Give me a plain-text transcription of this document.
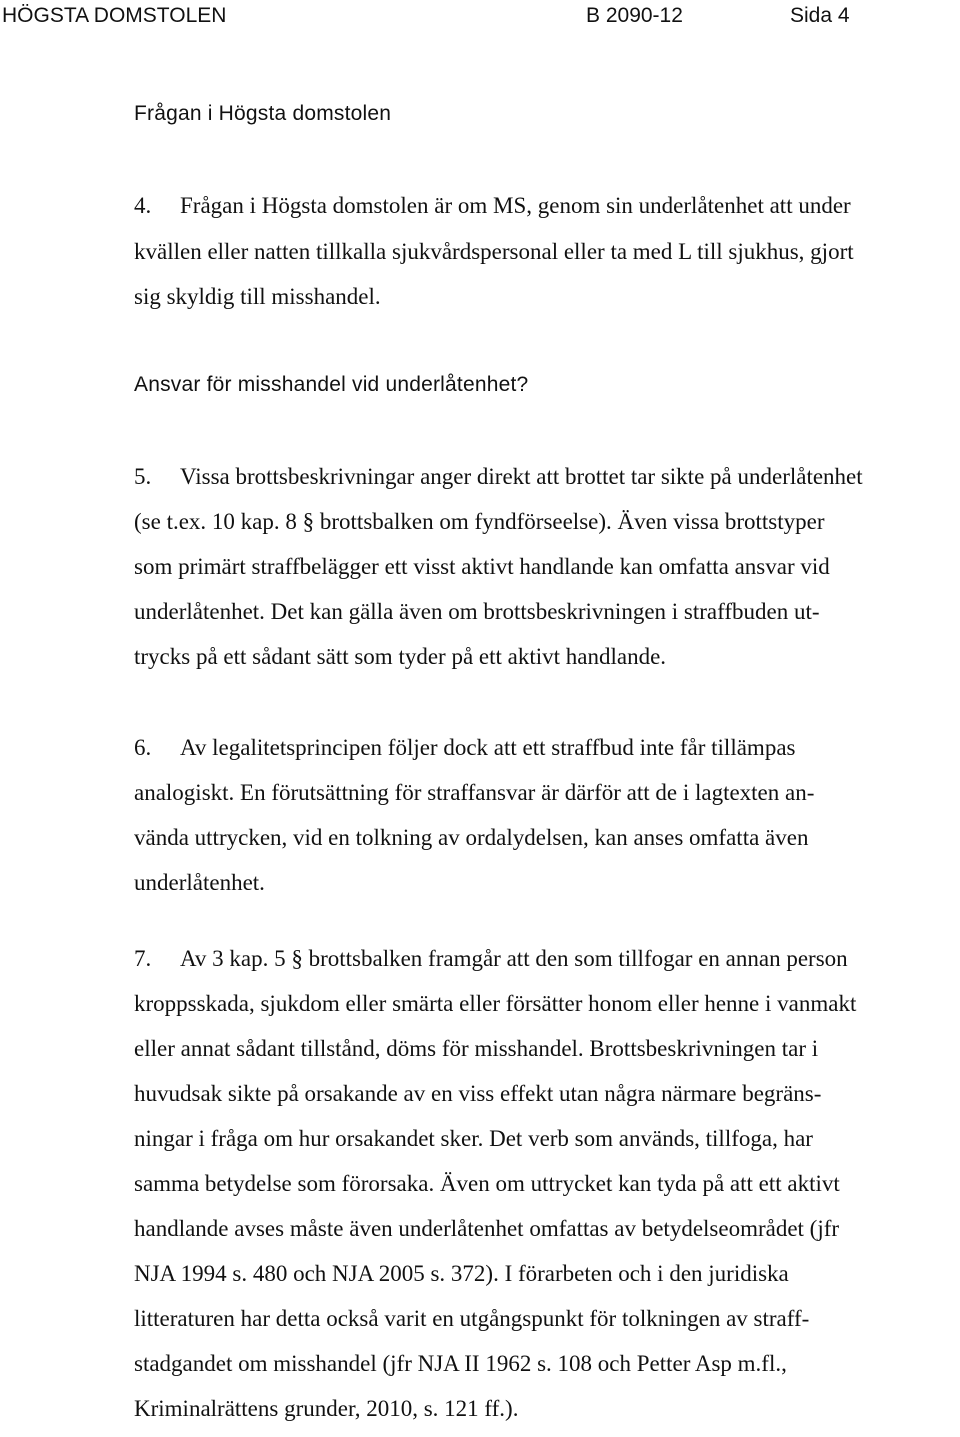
HÖGSTA DOMSTOLEN	B 2090-12	Sida 4
Frågan i Högsta domstolen
4. Frågan i Högsta domstolen är om MS, genom sin underlåtenhet att under
kvällen eller natten tillkalla sjukvårdspersonal eller ta med L till sjukhus, gjort
sig skyldig till misshandel.
Ansvar för misshandel vid underlåtenhet?
5. Vissa brottsbeskrivningar anger direkt att brottet tar sikte på underlåtenhet
(se t.ex. 10 kap. 8 § brottsbalken om fyndförseelse). Även vissa brottstyper
som primärt straffbelägger ett visst aktivt handlande kan omfatta ansvar vid
underlåtenhet. Det kan gälla även om brottsbeskrivningen i straffbuden ut-
trycks på ett sådant sätt som tyder på ett aktivt handlande.
6. Av legalitetsprincipen följer dock att ett straffbud inte får tillämpas
analogiskt. En förutsättning för straffansvar är därför att de i lagtexten an-
vända uttrycken, vid en tolkning av ordalydelsen, kan anses omfatta även
underlåtenhet.
7. Av 3 kap. 5 § brottsbalken framgår att den som tillfogar en annan person
kroppsskada, sjukdom eller smärta eller försätter honom eller henne i vanmakt
eller annat sådant tillstånd, döms för misshandel. Brottsbeskrivningen tar i
huvudsak sikte på orsakande av en viss effekt utan några närmare begräns-
ningar i fråga om hur orsakandet sker. Det verb som används, tillfoga, har
samma betydelse som förorsaka. Även om uttrycket kan tyda på att ett aktivt
handlande avses måste även underlåtenhet omfattas av betydelseområdet (jfr
NJA 1994 s. 480 och NJA 2005 s. 372). I förarbeten och i den juridiska
litteraturen har detta också varit en utgångspunkt för tolkningen av straff-
stadgandet om misshandel (jfr NJA II 1962 s. 108 och Petter Asp m.fl.,
Kriminalrättens grunder, 2010, s. 121 ff.).
